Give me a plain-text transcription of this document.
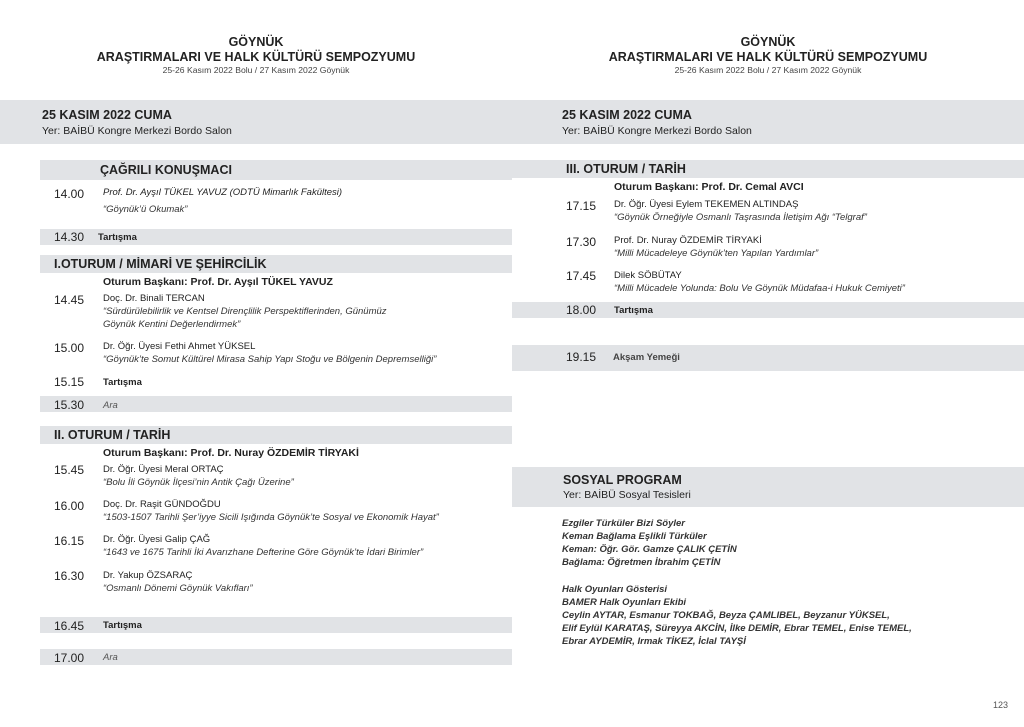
GÖYNÜK
ARAŞTIRMALARI VE HALK KÜLTÜRÜ SEMPOZYUMU
25-26 Kasım 2022 Bolu / 27 Kasım 2022 Göynük
25 KASIM 2022 CUMA
Yer: BAİBÜ Kongre Merkezi Bordo Salon
ÇAĞRILI KONUŞMACI
14.00 Prof. Dr. Ayşıl TÜKEL YAVUZ (ODTÜ Mimarlık Fakültesi)
“Göynük’ü Okumak”
14.30 Tartışma
I.OTURUM / MİMARİ VE ŞEHİRCİLİK
Oturum Başkanı: Prof. Dr. Ayşıl TÜKEL YAVUZ
14.45 Doç. Dr. Binali TERCAN
“Sürdürülebilirlik ve Kentsel Dirençlilik Perspektiflerinden, Günümüz
Göynük Kentini Değerlendirmek”
15.00 Dr. Öğr. Üyesi Fethi Ahmet YÜKSEL
“Göynük’te Somut Kültürel Mirasa Sahip Yapı Stoğu ve Bölgenin Depremselliği”
15.15 Tartışma
15.30 Ara
II. OTURUM / TARİH
Oturum Başkanı: Prof. Dr. Nuray ÖZDEMİR TİRYAKİ
15.45 Dr. Öğr. Üyesi Meral ORTAÇ
“Bolu İli Göynük İlçesi’nin Antik Çağı Üzerine”
16.00 Doç. Dr. Raşit GÜNDOĞDU
“1503-1507 Tarihli Şer’iyye Sicili Işığında Göynük’te Sosyal ve Ekonomik Hayat”
16.15 Dr. Öğr. Üyesi Galip ÇAĞ
“1643 ve 1675 Tarihli İki Avarızhane Defterine Göre Göynük’te İdari Birimler”
16.30 Dr. Yakup ÖZSARAÇ
“Osmanlı Dönemi Göynük Vakıfları”
16.45 Tartışma
17.00 Ara
GÖYNÜK
ARAŞTIRMALARI VE HALK KÜLTÜRÜ SEMPOZYUMU
25-26 Kasım 2022 Bolu / 27 Kasım 2022 Göynük
25 KASIM 2022 CUMA
Yer: BAİBÜ Kongre Merkezi Bordo Salon
III. OTURUM / TARİH
Oturum Başkanı: Prof. Dr. Cemal AVCI
17.15 Dr. Öğr. Üyesi Eylem TEKEMEN ALTINDAŞ
“Göynük Örneğiyle Osmanlı Taşrasında İletişim Ağı “Telgraf”
17.30 Prof. Dr. Nuray ÖZDEMİR TİRYAKİ
“Milli Mücadeleye Göynük’ten Yapılan Yardımlar”
17.45 Dilek SÖBÜTAY
“Milli Mücadele Yolunda: Bolu Ve Göynük Müdafaa-i Hukuk Cemiyeti”
18.00 Tartışma
19.15 Akşam Yemeği
SOSYAL PROGRAM
Yer: BAİBÜ Sosyal Tesisleri
Ezgiler Türküler Bizi Söyler
Keman Bağlama Eşlikli Türküler
Keman: Öğr. Gör. Gamze ÇALIK ÇETİN
Bağlama: Öğretmen İbrahim ÇETİN
Halk Oyunları Gösterisi
BAMER Halk Oyunları Ekibi
Ceylin AYTAR, Esmanur TOKBAĞ, Beyza ÇAMLIBEL, Beyzanur YÜKSEL,
Elif Eylül KARATAŞ, Süreyya AKCİN, İlke DEMİR, Ebrar TEMEL, Enise TEMEL,
Ebrar AYDEMİR, Irmak TİKEZ, İclal TAYŞİ
123
